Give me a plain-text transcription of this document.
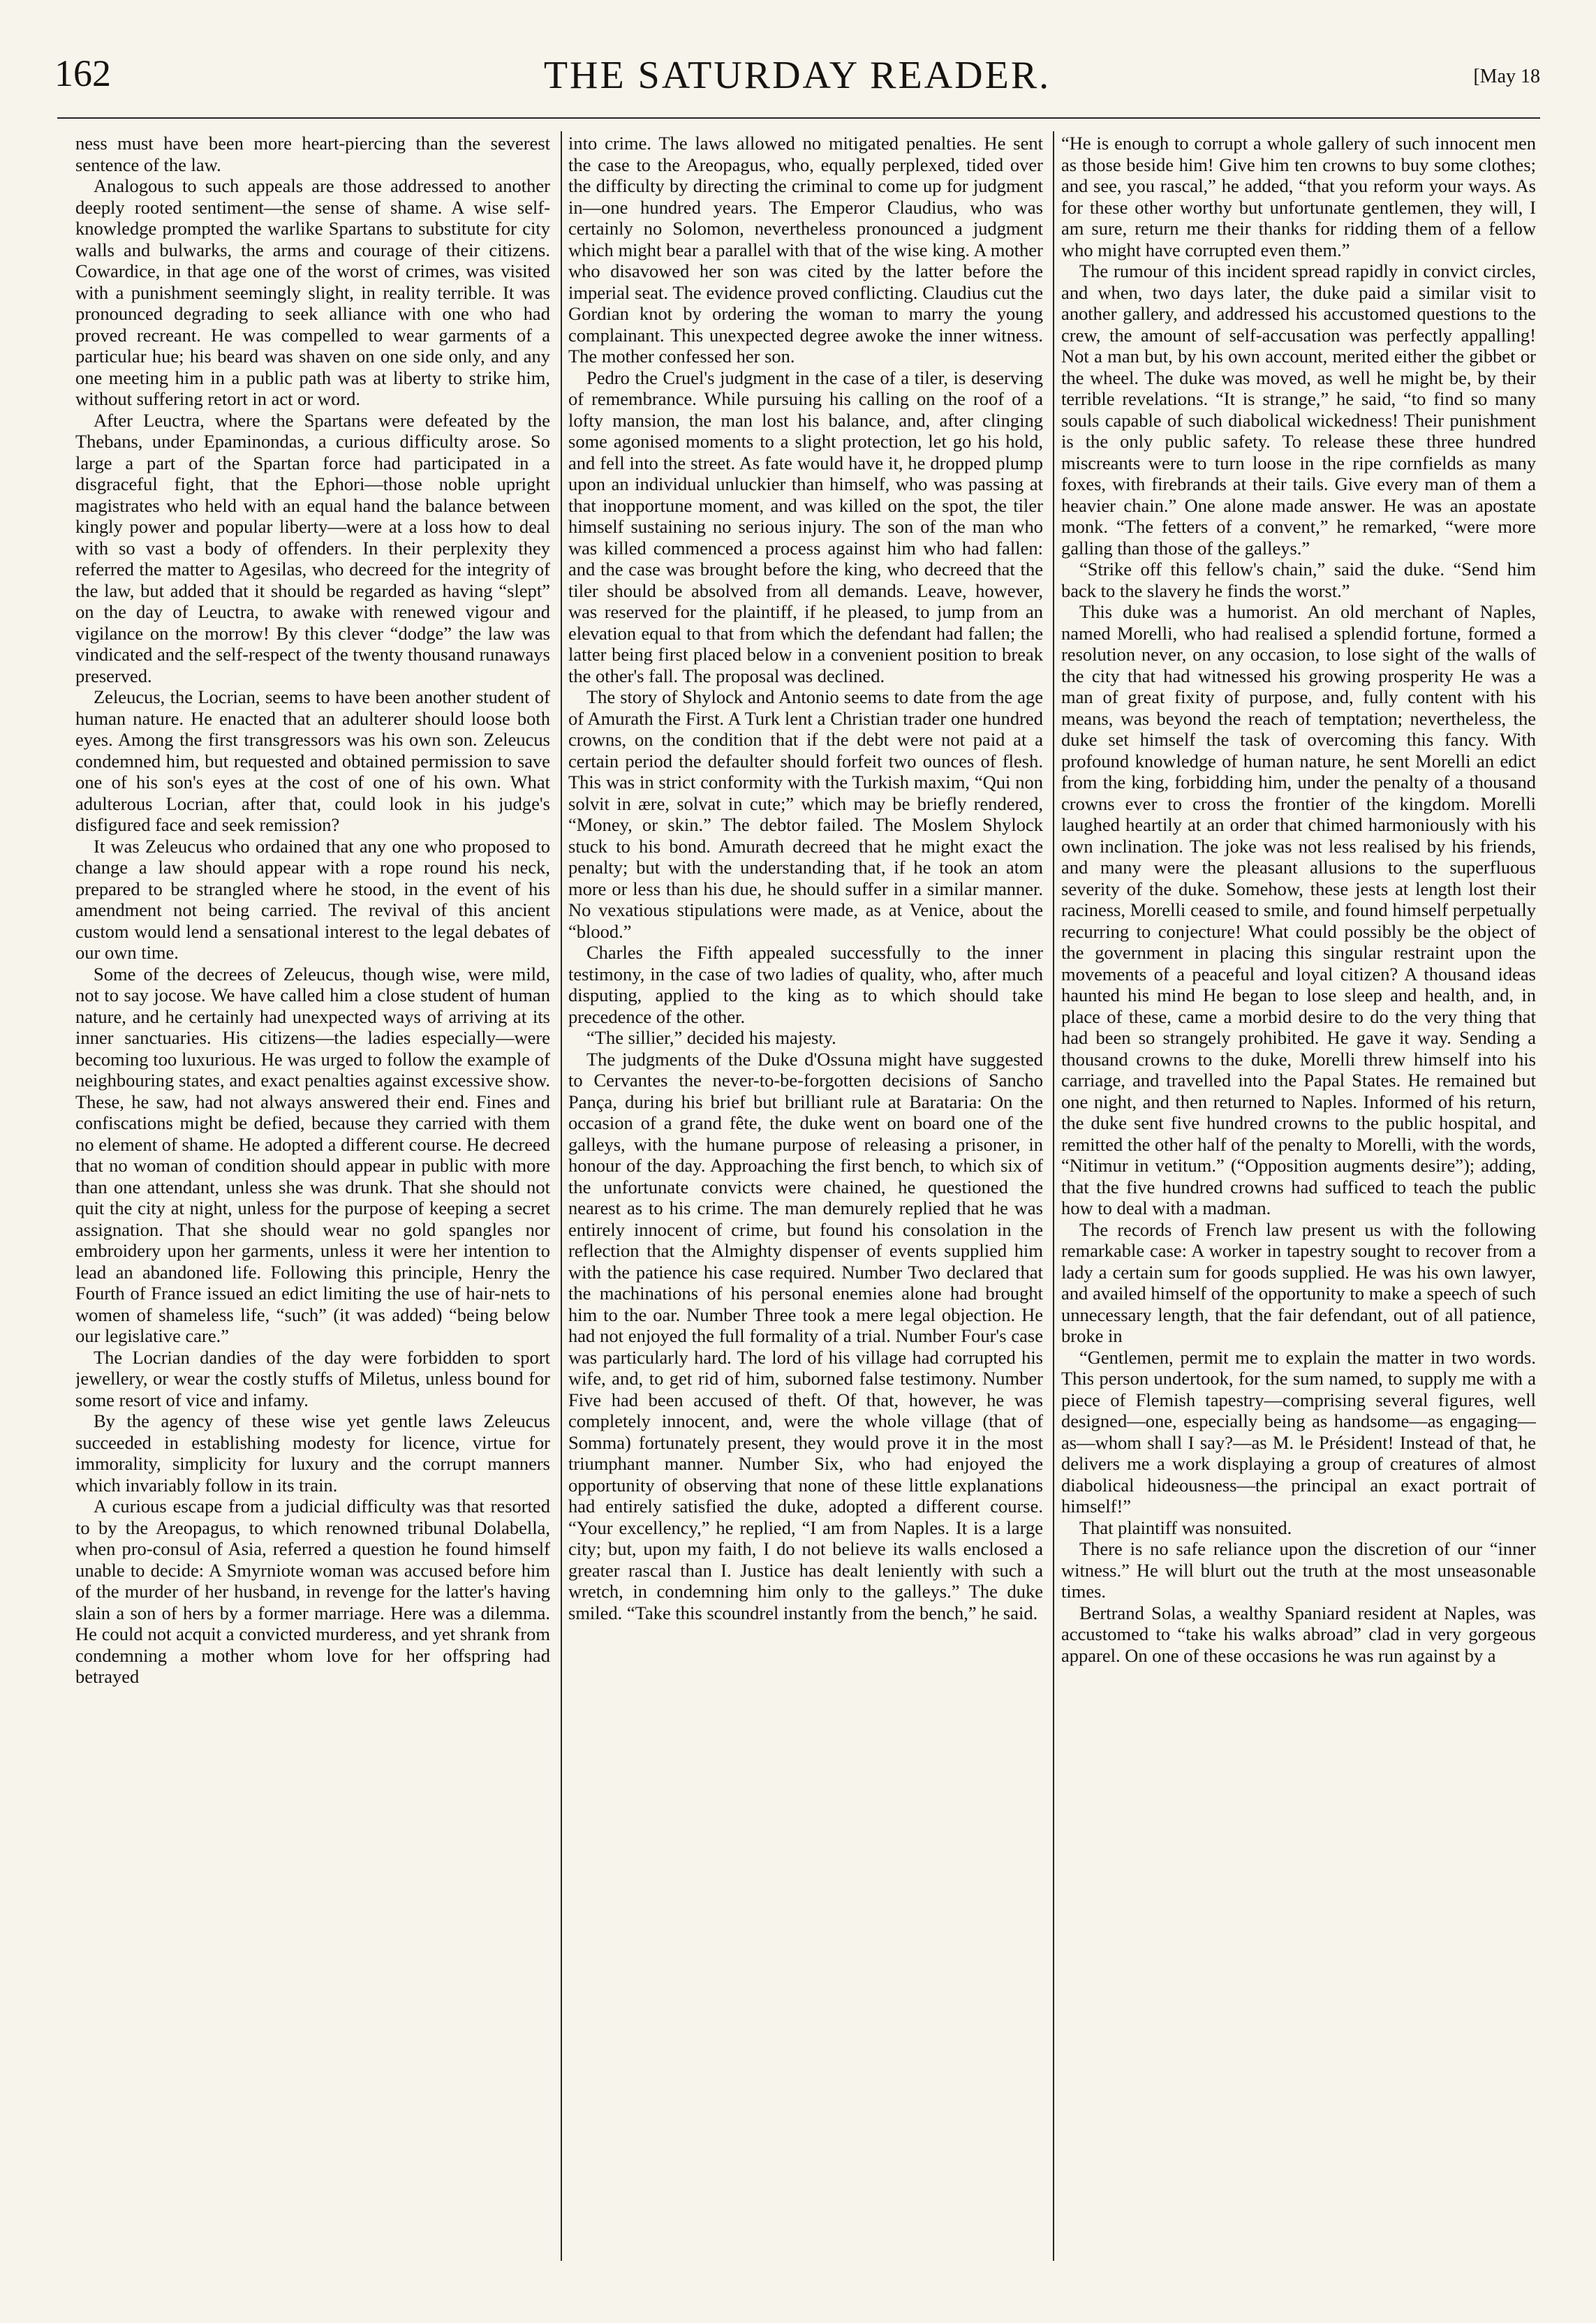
162	THE SATURDAY READER.	[May 18

ness must have been more heart-piercing than the severest sentence of the law.

Analogous to such appeals are those addressed to another deeply rooted sentiment—the sense of shame. A wise self-knowledge prompted the warlike Spartans to substitute for city walls and bulwarks, the arms and courage of their citizens. Cowardice, in that age one of the worst of crimes, was visited with a punishment seemingly slight, in reality terrible. It was pronounced degrading to seek alliance with one who had proved recreant. He was compelled to wear garments of a particular hue; his beard was shaven on one side only, and any one meeting him in a public path was at liberty to strike him, without suffering retort in act or word.

After Leuctra, where the Spartans were defeated by the Thebans, under Epaminondas, a curious difficulty arose. So large a part of the Spartan force had participated in a disgraceful fight, that the Ephori—those noble upright magistrates who held with an equal hand the balance between kingly power and popular liberty—were at a loss how to deal with so vast a body of offenders. In their perplexity they referred the matter to Agesilas, who decreed for the integrity of the law, but added that it should be regarded as having “slept” on the day of Leuctra, to awake with renewed vigour and vigilance on the morrow! By this clever “dodge” the law was vindicated and the self-respect of the twenty thousand runaways preserved.

Zeleucus, the Locrian, seems to have been another student of human nature. He enacted that an adulterer should loose both eyes. Among the first transgressors was his own son. Zeleucus condemned him, but requested and obtained permission to save one of his son's eyes at the cost of one of his own. What adulterous Locrian, after that, could look in his judge's disfigured face and seek remission?

It was Zeleucus who ordained that any one who proposed to change a law should appear with a rope round his neck, prepared to be strangled where he stood, in the event of his amendment not being carried. The revival of this ancient custom would lend a sensational interest to the legal debates of our own time.

Some of the decrees of Zeleucus, though wise, were mild, not to say jocose. We have called him a close student of human nature, and he certainly had unexpected ways of arriving at its inner sanctuaries. His citizens—the ladies especially—were becoming too luxurious. He was urged to follow the example of neighbouring states, and exact penalties against excessive show. These, he saw, had not always answered their end. Fines and confiscations might be defied, because they carried with them no element of shame. He adopted a different course. He decreed that no woman of condition should appear in public with more than one attendant, unless she was drunk. That she should not quit the city at night, unless for the purpose of keeping a secret assignation. That she should wear no gold spangles nor embroidery upon her garments, unless it were her intention to lead an abandoned life. Following this principle, Henry the Fourth of France issued an edict limiting the use of hair-nets to women of shameless life, “such” (it was added) “being below our legislative care.”

The Locrian dandies of the day were forbidden to sport jewellery, or wear the costly stuffs of Miletus, unless bound for some resort of vice and infamy.

By the agency of these wise yet gentle laws Zeleucus succeeded in establishing modesty for licence, virtue for immorality, simplicity for luxury and the corrupt manners which invariably follow in its train.

A curious escape from a judicial difficulty was that resorted to by the Areopagus, to which renowned tribunal Dolabella, when pro-consul of Asia, referred a question he found himself unable to decide: A Smyrniote woman was accused before him of the murder of her husband, in revenge for the latter's having slain a son of hers by a former marriage. Here was a dilemma. He could not acquit a convicted murderess, and yet shrank from condemning a mother whom love for her offspring had betrayed

into crime. The laws allowed no mitigated penalties. He sent the case to the Areopagus, who, equally perplexed, tided over the difficulty by directing the criminal to come up for judgment in—one hundred years. The Emperor Claudius, who was certainly no Solomon, nevertheless pronounced a judgment which might bear a parallel with that of the wise king. A mother who disavowed her son was cited by the latter before the imperial seat. The evidence proved conflicting. Claudius cut the Gordian knot by ordering the woman to marry the young complainant. This unexpected degree awoke the inner witness. The mother confessed her son.

Pedro the Cruel's judgment in the case of a tiler, is deserving of remembrance. While pursuing his calling on the roof of a lofty mansion, the man lost his balance, and, after clinging some agonised moments to a slight protection, let go his hold, and fell into the street. As fate would have it, he dropped plump upon an individual unluckier than himself, who was passing at that inopportune moment, and was killed on the spot, the tiler himself sustaining no serious injury. The son of the man who was killed commenced a process against him who had fallen: and the case was brought before the king, who decreed that the tiler should be absolved from all demands. Leave, however, was reserved for the plaintiff, if he pleased, to jump from an elevation equal to that from which the defendant had fallen; the latter being first placed below in a convenient position to break the other's fall. The proposal was declined.

The story of Shylock and Antonio seems to date from the age of Amurath the First. A Turk lent a Christian trader one hundred crowns, on the condition that if the debt were not paid at a certain period the defaulter should forfeit two ounces of flesh. This was in strict conformity with the Turkish maxim, “Qui non solvit in ære, solvat in cute;” which may be briefly rendered, “Money, or skin.” The debtor failed. The Moslem Shylock stuck to his bond. Amurath decreed that he might exact the penalty; but with the understanding that, if he took an atom more or less than his due, he should suffer in a similar manner. No vexatious stipulations were made, as at Venice, about the “blood.”

Charles the Fifth appealed successfully to the inner testimony, in the case of two ladies of quality, who, after much disputing, applied to the king as to which should take precedence of the other.

“The sillier,” decided his majesty.

The judgments of the Duke d'Ossuna might have suggested to Cervantes the never-to-be-forgotten decisions of Sancho Pança, during his brief but brilliant rule at Barataria: On the occasion of a grand fête, the duke went on board one of the galleys, with the humane purpose of releasing a prisoner, in honour of the day. Approaching the first bench, to which six of the unfortunate convicts were chained, he questioned the nearest as to his crime. The man demurely replied that he was entirely innocent of crime, but found his consolation in the reflection that the Almighty dispenser of events supplied him with the patience his case required. Number Two declared that the machinations of his personal enemies alone had brought him to the oar. Number Three took a mere legal objection. He had not enjoyed the full formality of a trial. Number Four's case was particularly hard. The lord of his village had corrupted his wife, and, to get rid of him, suborned false testimony. Number Five had been accused of theft. Of that, however, he was completely innocent, and, were the whole village (that of Somma) fortunately present, they would prove it in the most triumphant manner. Number Six, who had enjoyed the opportunity of observing that none of these little explanations had entirely satisfied the duke, adopted a different course. “Your excellency,” he replied, “I am from Naples. It is a large city; but, upon my faith, I do not believe its walls enclosed a greater rascal than I. Justice has dealt leniently with such a wretch, in condemning him only to the galleys.” The duke smiled. “Take this scoundrel instantly from the bench,” he said.

“He is enough to corrupt a whole gallery of such innocent men as those beside him! Give him ten crowns to buy some clothes; and see, you rascal,” he added, “that you reform your ways. As for these other worthy but unfortunate gentlemen, they will, I am sure, return me their thanks for ridding them of a fellow who might have corrupted even them.”

The rumour of this incident spread rapidly in convict circles, and when, two days later, the duke paid a similar visit to another gallery, and addressed his accustomed questions to the crew, the amount of self-accusation was perfectly appalling! Not a man but, by his own account, merited either the gibbet or the wheel. The duke was moved, as well he might be, by their terrible revelations. “It is strange,” he said, “to find so many souls capable of such diabolical wickedness! Their punishment is the only public safety. To release these three hundred miscreants were to turn loose in the ripe cornfields as many foxes, with firebrands at their tails. Give every man of them a heavier chain.” One alone made answer. He was an apostate monk. “The fetters of a convent,” he remarked, “were more galling than those of the galleys.”

“Strike off this fellow's chain,” said the duke. “Send him back to the slavery he finds the worst.”

This duke was a humorist. An old merchant of Naples, named Morelli, who had realised a splendid fortune, formed a resolution never, on any occasion, to lose sight of the walls of the city that had witnessed his growing prosperity He was a man of great fixity of purpose, and, fully content with his means, was beyond the reach of temptation; nevertheless, the duke set himself the task of overcoming this fancy. With profound knowledge of human nature, he sent Morelli an edict from the king, forbidding him, under the penalty of a thousand crowns ever to cross the frontier of the kingdom. Morelli laughed heartily at an order that chimed harmoniously with his own inclination. The joke was not less realised by his friends, and many were the pleasant allusions to the superfluous severity of the duke. Somehow, these jests at length lost their raciness, Morelli ceased to smile, and found himself perpetually recurring to conjecture! What could possibly be the object of the government in placing this singular restraint upon the movements of a peaceful and loyal citizen? A thousand ideas haunted his mind He began to lose sleep and health, and, in place of these, came a morbid desire to do the very thing that had been so strangely prohibited. He gave it way. Sending a thousand crowns to the duke, Morelli threw himself into his carriage, and travelled into the Papal States. He remained but one night, and then returned to Naples. Informed of his return, the duke sent five hundred crowns to the public hospital, and remitted the other half of the penalty to Morelli, with the words, “Nitimur in vetitum.” (“Opposition augments desire”); adding, that the five hundred crowns had sufficed to teach the public how to deal with a madman.

The records of French law present us with the following remarkable case: A worker in tapestry sought to recover from a lady a certain sum for goods supplied. He was his own lawyer, and availed himself of the opportunity to make a speech of such unnecessary length, that the fair defendant, out of all patience, broke in

“Gentlemen, permit me to explain the matter in two words. This person undertook, for the sum named, to supply me with a piece of Flemish tapestry—comprising several figures, well designed—one, especially being as handsome—as engaging—as—whom shall I say?—as M. le Président! Instead of that, he delivers me a work displaying a group of creatures of almost diabolical hideousness—the principal an exact portrait of himself!”

That plaintiff was nonsuited.

There is no safe reliance upon the discretion of our “inner witness.” He will blurt out the truth at the most unseasonable times.

Bertrand Solas, a wealthy Spaniard resident at Naples, was accustomed to “take his walks abroad” clad in very gorgeous apparel. On one of these occasions he was run against by a
